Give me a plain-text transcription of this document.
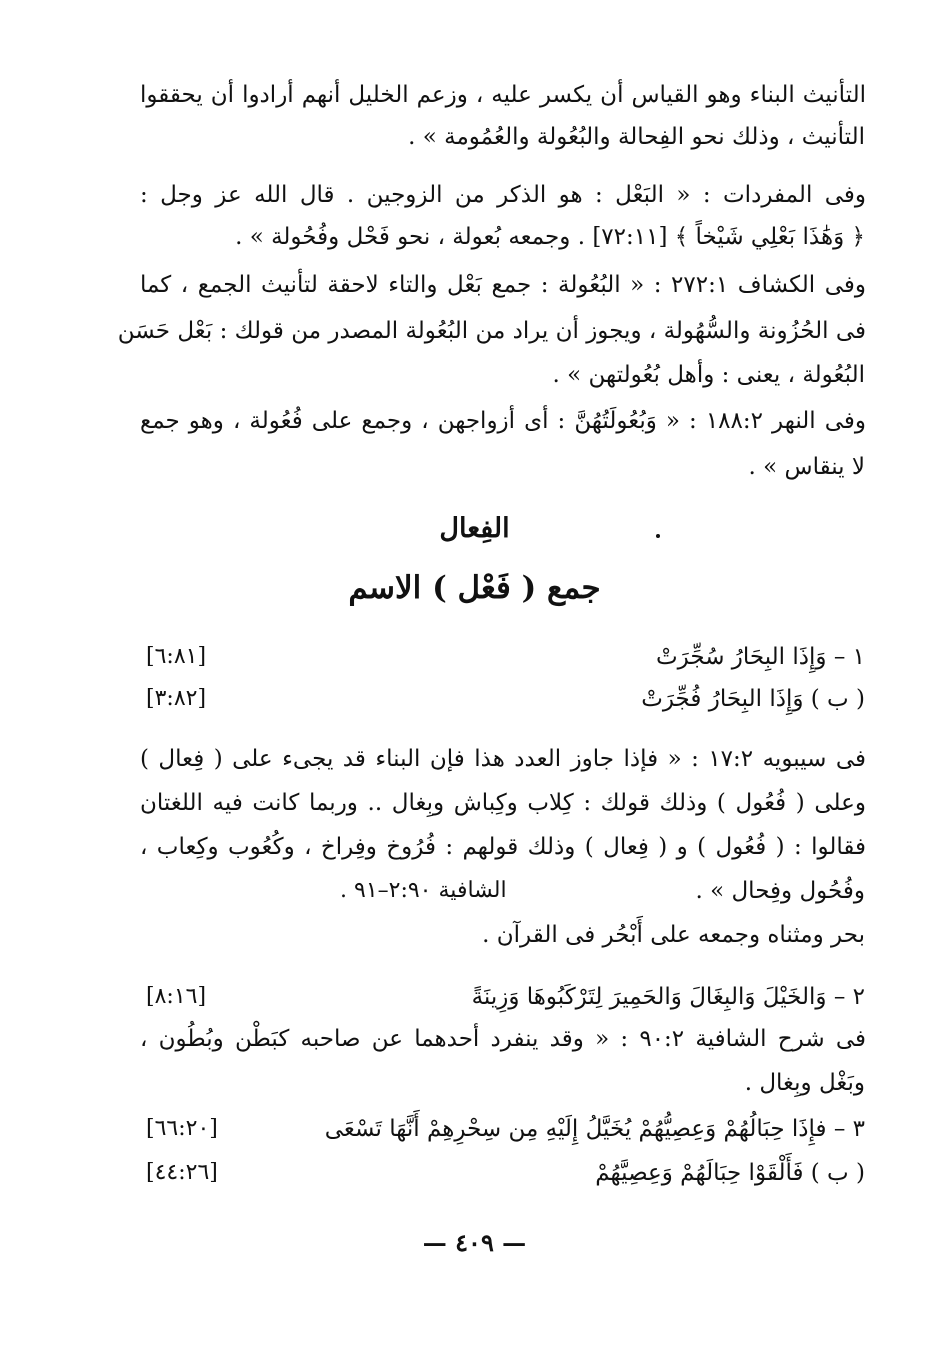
التأنيث البناء وهو القياس أن يكسر عليه ، وزعم الخليل أنهم أرادوا أن يحققوا
التأنيث ، وذلك نحو الفِحالة والبُعُولة والعُمُومة » .
وفى المفردات : « البَعْل : هو الذكر من الزوجين . قال الله عز وجل :
﴿ وَهَٰذَا بَعْلِي شَيْخاً ﴾ [٧٢:١١] . وجمعه بُعولة ، نحو فَحْل وفُحُولة » .
وفى الكشاف ٢٧٢:١ : « البُعُولة : جمع بَعْل والتاء لاحقة لتأنيث الجمع ، كما
فى الحُزُونة والسُّهُولة ، ويجوز أن يراد من البُعُولة المصدر من قولك : بَعْل حَسَن
البُعُولة ، يعنى : وأهل بُعُولتهن » .
وفى النهر ١٨٨:٢ : « وَبُعُولَتُهُنَّ : أى أزواجهن ، وجمع على فُعُولة ، وهو جمع
لا ينقاس » .
الفِعال
جمع ( فَعْل ) الاسم
١ – وَإِذَا البِحَارُ سُجِّرَتْ
[٦:٨١]
( ب ) وَإِذَا البِحَارُ فُجِّرَتْ
[٣:٨٢]
فى سيبويه ١٧:٢ : « فإذا جاوز العدد هذا فإن البناء قد يجىء على ( فِعال )
وعلى ( فُعُول ) وذلك قولك : كِلاب وكِباش وبِغال .. وربما كانت فيه اللغتان
فقالوا : ( فُعُول ) و ( فِعال ) وذلك قولهم : فُرُوخ وفِراخ ، وكُعُوب وكِعاب ،
وفُحُول وفِحال » .
الشافية ٢:٩٠–٩١ .
بحر ومثناه وجمعه على أَبْحُر فى القرآن .
٢ – وَالخَيْلَ وَالبِغَالَ وَالحَمِيرَ لِتَرْكَبُوهَا وَزِينَةً
[٨:١٦]
فى شرح الشافية ٩٠:٢ : « وقد ينفرد أحدهما عن صاحبه كبَطْن وبُطُون ،
وبَغْل وبِغال .
٣ – فإِذَا حِبَالُهُمْ وَعِصِيُّهُمْ يُخَيَّلُ إِلَيْهِ مِن سِحْرِهِمْ أَنَّهَا تَسْعَى
[٦٦:٢٠]
( ب ) فَأَلْقَوْا حِبَالَهُمْ وَعِصِيَّهُمْ
[٤٤:٢٦]
— ٤٠٩ —
